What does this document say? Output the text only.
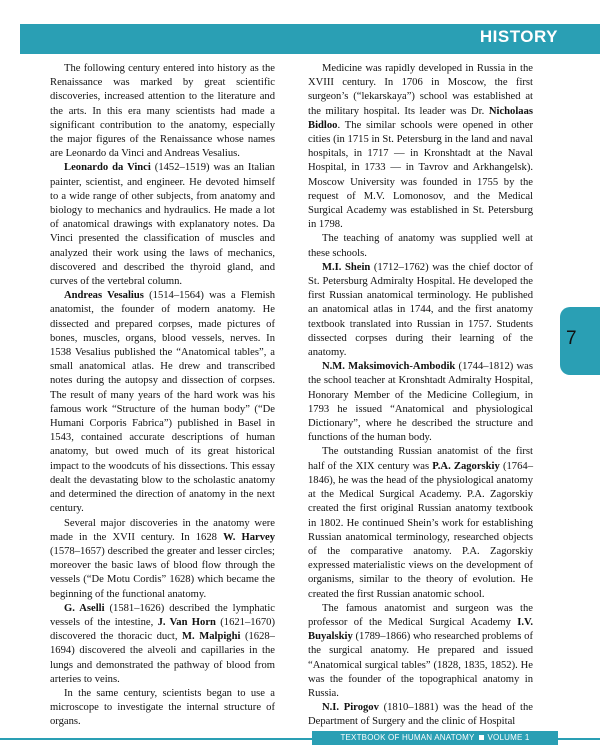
HISTORY

The following century entered into history as the Renaissance was marked by great scientific discoveries, increased attention to the literature and the arts. In this era many scientists had made a significant contribution to the anatomy, especially the major figures of the Renaissance whose names are Leonardo da Vinci and Andreas Vesalius.

Leonardo da Vinci (1452–1519) was an Italian painter, scientist, and engineer. He devoted himself to a wide range of other subjects, from anatomy and biology to mechanics and hydraulics. He made a lot of anatomical drawings with explanatory notes. Da Vinci presented the classification of muscles and analyzed their work using the laws of mechanics, discovered and described the thyroid gland, and curves of the vertebral column.

Andreas Vesalius (1514–1564) was a Flemish anatomist, the founder of modern anatomy. He dissected and prepared corpses, made pictures of bones, muscles, organs, blood vessels, nerves. In 1538 Vesalius published the “Anatomical tables”, a small anatomical atlas. He drew and transcribed notes during the autopsy and dissection of corpses. The result of many years of the hard work was his famous work “Structure of the human body” (“De Humani Corporis Fabrica”) published in Basel in 1543, contained accurate descriptions of human anatomy, but owed much of its great historical impact to the woodcuts of his dissections. This essay dealt the devastating blow to the scholastic anatomy and determined the direction of anatomy in the next century.

Several major discoveries in the anatomy were made in the XVII century. In 1628 W. Harvey (1578–1657) described the greater and lesser circles; moreover the basic laws of blood flow through the vessels (“De Motu Cordis” 1628) which became the beginning of the functional anatomy.

G. Aselli (1581–1626) described the lymphatic vessels of the intestine, J. Van Horn (1621–1670) discovered the thoracic duct, M. Malpighi (1628–1694) discovered the alveoli and capillaries in the lungs and demonstrated the pathway of blood from arteries to veins.

In the same century, scientists began to use a microscope to investigate the internal structure of organs.

Medicine was rapidly developed in Russia in the XVIII century. In 1706 in Moscow, the first surgeon’s (“lekarskaya”) school was established at the military hospital. Its leader was Dr. Nicholaas Bidloo. The similar schools were opened in other cities (in 1715 in St. Petersburg in the land and naval hospitals, in 1717 — in Kronshtadt at the Naval Hospital, in 1733 — in Tavrov and Arkhangelsk). Moscow University was founded in 1755 by the request of M.V. Lomonosov, and the Medical Surgical Academy was established in St. Petersburg in 1798.

The teaching of anatomy was supplied well at these schools.

M.I. Shein (1712–1762) was the chief doctor of St. Petersburg Admiralty Hospital. He developed the first Russian anatomical terminology. He published an anatomical atlas in 1744, and the first anatomy textbook translated into Russian in 1757. Students dissected corpses during their learning of the anatomy.

N.M. Maksimovich-Ambodik (1744–1812) was the school teacher at Kronshtadt Admiralty Hospital, Honorary Member of the Medicine Collegium, in 1793 he issued “Anatomical and physiological Dictionary”, where he described the structure and functions of the human body.

The outstanding Russian anatomist of the first half of the XIX century was P.A. Zagorskiy (1764–1846), he was the head of the physiological anatomy at the Medical Surgical Academy. P.A. Zagorskiy created the first original Russian anatomy textbook in 1802. He continued Shein’s work for establishing Russian anatomical terminology, researched objects of the comparative anatomy. P.A. Zagorskiy expressed materialistic views on the development of organisms, similar to the theory of evolution. He created the first Russian anatomic school.

The famous anatomist and surgeon was the professor of the Medical Surgical Academy I.V. Buyalskiy (1789–1866) who researched problems of the surgical anatomy. He prepared and issued “Anatomical surgical tables” (1828, 1835, 1852). He was the founder of the topographical anatomy in Russia.

N.I. Pirogov (1810–1881) was the head of the Department of Surgery and the clinic of Hospital

7
TEXTBOOK OF HUMAN ANATOMY VOLUME 1
